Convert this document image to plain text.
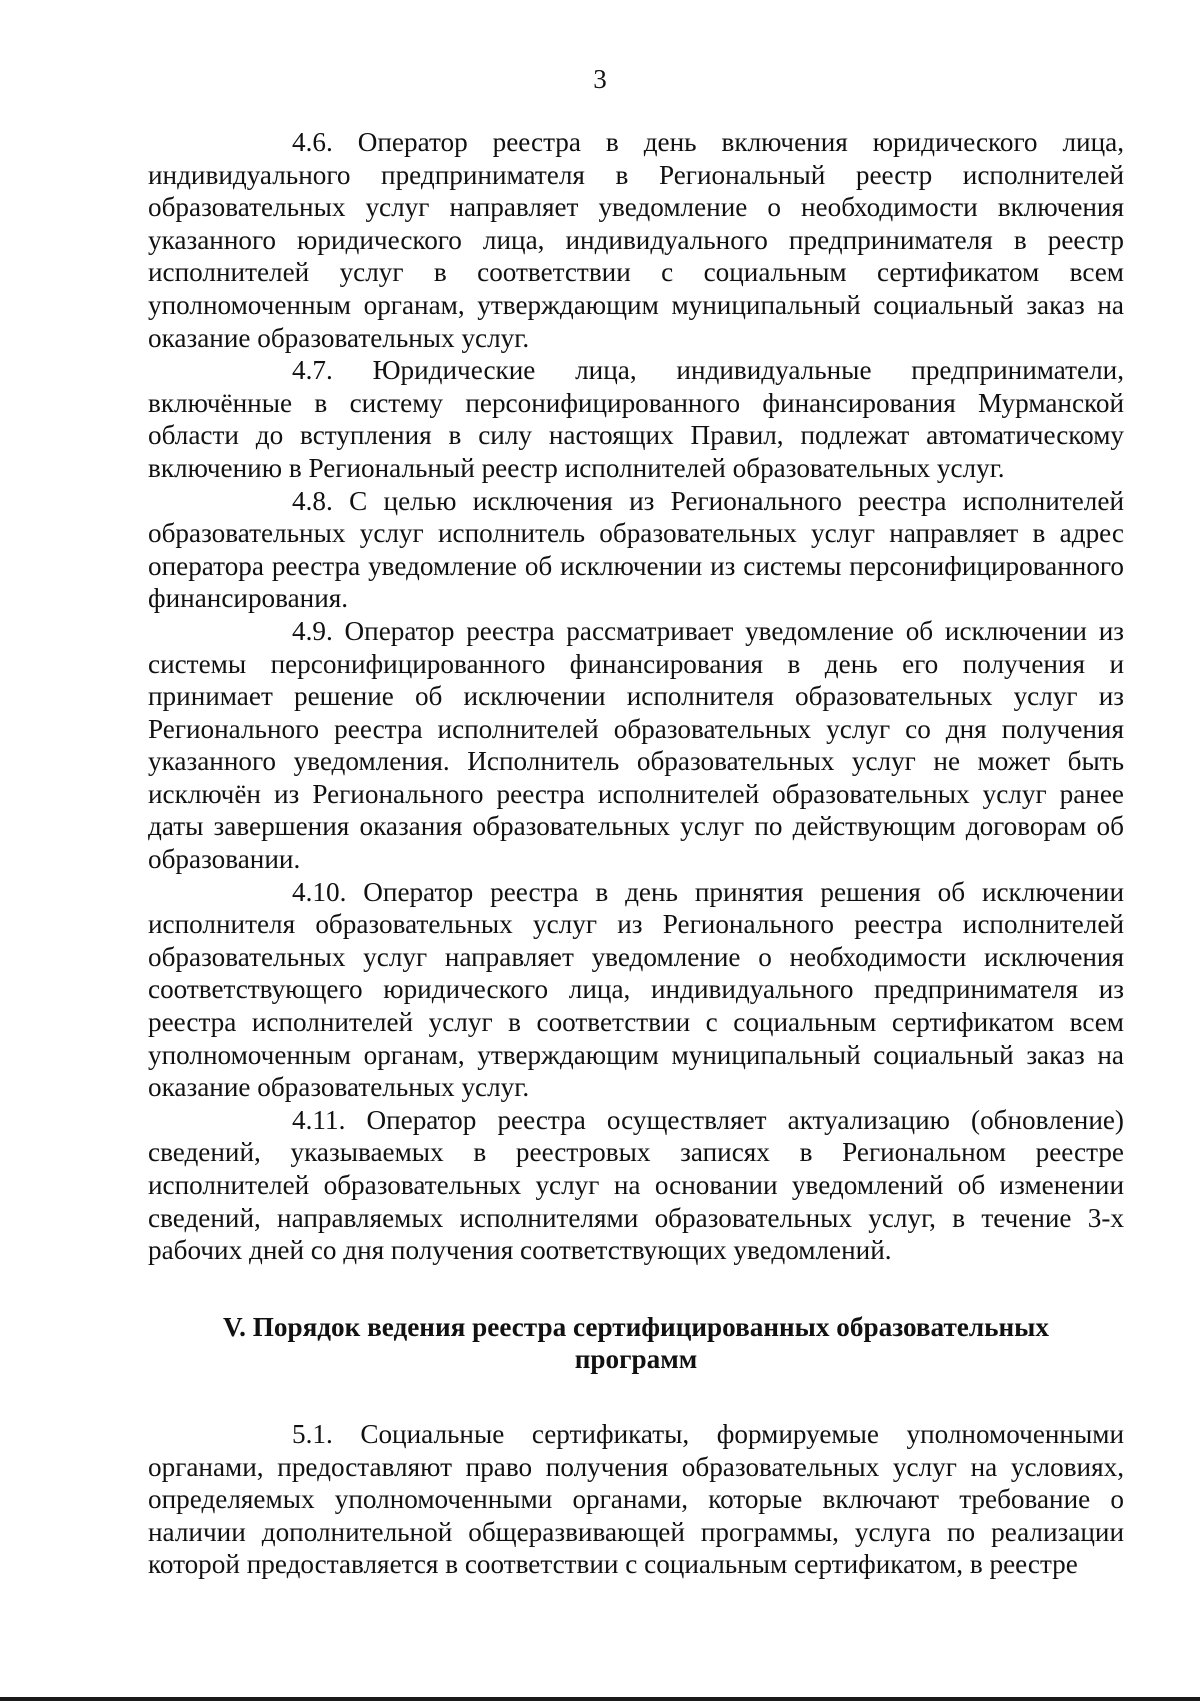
3

4.6. Оператор реестра в день включения юридического лица, индивидуального предпринимателя в Региональный реестр исполнителей образовательных услуг направляет уведомление о необходимости включения указанного юридического лица, индивидуального предпринимателя в реестр исполнителей услуг в соответствии с социальным сертификатом всем уполномоченным органам, утверждающим муниципальный социальный заказ на оказание образовательных услуг.

4.7. Юридические лица, индивидуальные предприниматели, включённые в систему персонифицированного финансирования Мурманской области до вступления в силу настоящих Правил, подлежат автоматическому включению в Региональный реестр исполнителей образовательных услуг.

4.8. С целью исключения из Регионального реестра исполнителей образовательных услуг исполнитель образовательных услуг направляет в адрес оператора реестра уведомление об исключении из системы персонифицированного финансирования.

4.9. Оператор реестра рассматривает уведомление об исключении из системы персонифицированного финансирования в день его получения и принимает решение об исключении исполнителя образовательных услуг из Регионального реестра исполнителей образовательных услуг со дня получения указанного уведомления. Исполнитель образовательных услуг не может быть исключён из Регионального реестра исполнителей образовательных услуг ранее даты завершения оказания образовательных услуг по действующим договорам об образовании.

4.10. Оператор реестра в день принятия решения об исключении исполнителя образовательных услуг из Регионального реестра исполнителей образовательных услуг направляет уведомление о необходимости исключения соответствующего юридического лица, индивидуального предпринимателя из реестра исполнителей услуг в соответствии с социальным сертификатом всем уполномоченным органам, утверждающим муниципальный социальный заказ на оказание образовательных услуг.

4.11. Оператор реестра осуществляет актуализацию (обновление) сведений, указываемых в реестровых записях в Региональном реестре исполнителей образовательных услуг на основании уведомлений об изменении сведений, направляемых исполнителями образовательных услуг, в течение 3-х рабочих дней со дня получения соответствующих уведомлений.

V. Порядок ведения реестра сертифицированных образовательных
программ

5.1. Социальные сертификаты, формируемые уполномоченными органами, предоставляют право получения образовательных услуг на условиях, определяемых уполномоченными органами, которые включают требование о наличии дополнительной общеразвивающей программы, услуга по реализации которой предоставляется в соответствии с социальным сертификатом, в реестре
